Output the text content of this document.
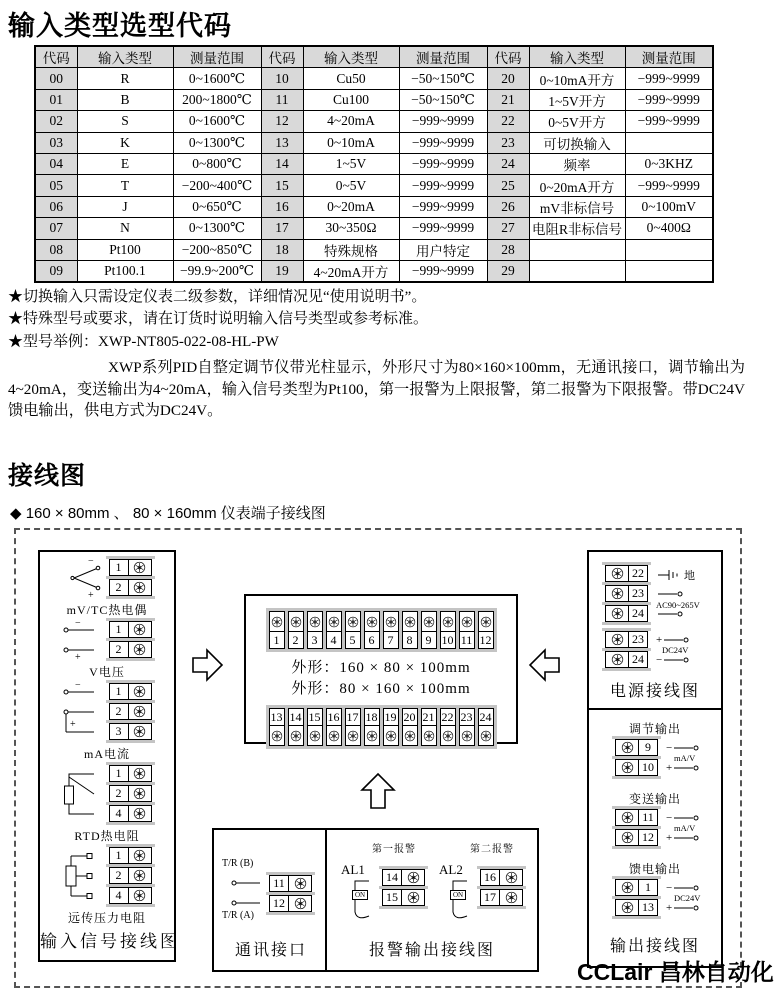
输入类型选型代码
代码	输入类型	测量范围	代码	输入类型	测量范围	代码	输入类型	测量范围
00	R	0~1600℃	10	Cu50	−50~150℃	20	0~10mA开方	−999~9999
01	B	200~1800℃	11	Cu100	−50~150℃	21	1~5V开方	−999~9999
02	S	0~1600℃	12	4~20mA	−999~9999	22	0~5V开方	−999~9999
03	K	0~1300℃	13	0~10mA	−999~9999	23	可切换输入	
04	E	0~800℃	14	1~5V	−999~9999	24	频率	0~3KHZ
05	T	−200~400℃	15	0~5V	−999~9999	25	0~20mA开方	−999~9999
06	J	0~650℃	16	0~20mA	−999~9999	26	mV非标信号	0~100mV
07	N	0~1300℃	17	30~350Ω	−999~9999	27	电阻R非标信号	0~400Ω
08	Pt100	−200~850℃	18	特殊规格	用户特定	28		
09	Pt100.1	−99.9~200℃	19	4~20mA开方	−999~9999	29		
★切换输入只需设定仪表二级参数，详细情况见“使用说明书”。
★特殊型号或要求，请在订货时说明输入信号类型或参考标准。
★型号举例：XWP-NT805-022-08-HL-PW
XWP系列PID自整定调节仪带光柱显示，外形尺寸为80×160×100mm，无通讯接口，调节输出为4~20mA，变送输出为4~20mA，输入信号类型为Pt100，第一报警为上限报警，第二报警为下限报警。带DC24V馈电输出，供电方式为DC24V。
接线图
◆ 160 × 80mm 、 80 × 160mm 仪表端子接线图
−
+ $\frac{1}{2}$
mV/TC热电偶
−
+ $\frac{1}{2}$
V电压
−
+
1
2
3
mA电流
1
2
4
RTD热电阻
1
2
4
远传压力电阻
输入信号接线图
1	2	3	4	5	6	7	8	9 10 11 12
外形：160 × 80 × 100mm
外形：80 × 160 × 100mm
13 14 15 16 17 18 19 20 21 22 23 24
22
23
24
地
AC90~265V
23
24
+
DC24V
−
电源接线图
调节输出
9
10
−
mA/V
+
变送输出
11
12
−
mA/V
+
馈电输出
1
13
−
DC24V
+
输出接线图
T/R (B)
11
12
T/R (A)
通讯接口
第一报警
AL1
ON
14
15
第二报警
AL2
ON
16
17
报警输出接线图
CCLair 昌林自动化
